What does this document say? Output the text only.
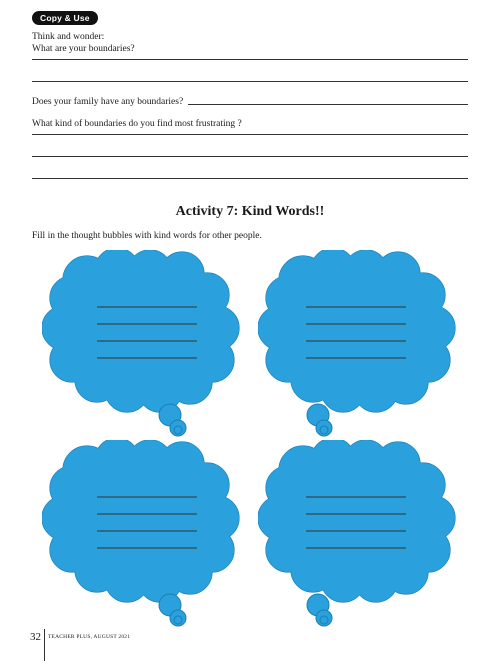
Copy & Use
Think and wonder:
What are your boundaries?
Does your family have any boundaries?
What kind of boundaries do you find most frustrating ?
Activity 7: Kind Words!!
Fill in the thought bubbles with kind words for other people.
32 TEACHER PLUS, AUGUST 2021
